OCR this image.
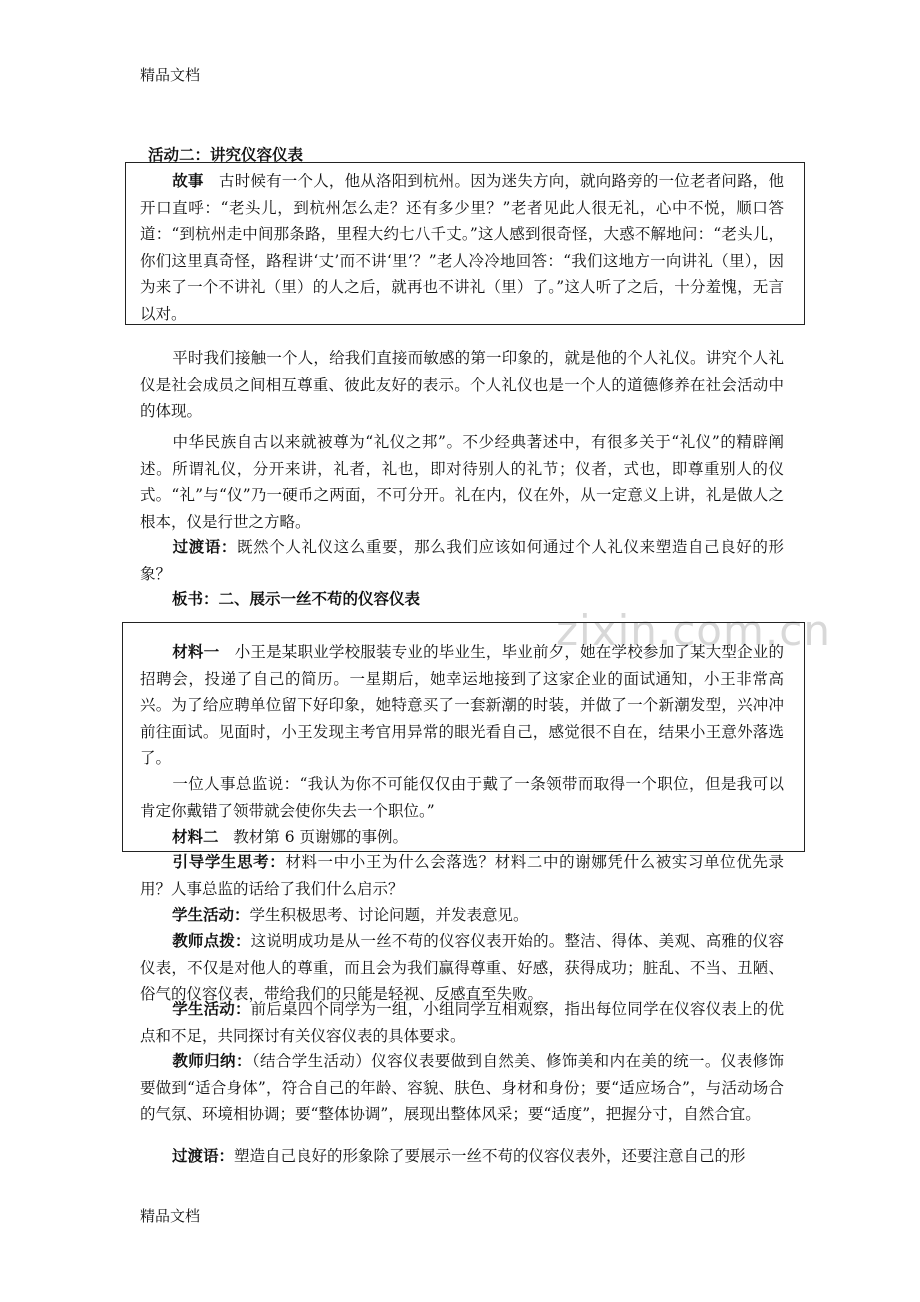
精品文档
活动二：讲究仪容仪表

故事 古时候有一个人，他从洛阳到杭州。因为迷失方向，就向路旁的一位老者问路，他开口直呼：“老头儿，到杭州怎么走？还有多少里？”老者见此人很无礼，心中不悦，顺口答道：“到杭州走中间那条路，里程大约七八千丈。”这人感到很奇怪，大惑不解地问：“老头儿，你们这里真奇怪，路程讲‘丈’而不讲‘里’？”老人冷冷地回答：“我们这地方一向讲礼（里），因为来了一个不讲礼（里）的人之后，就再也不讲礼（里）了。”这人听了之后，十分羞愧，无言以对。

平时我们接触一个人，给我们直接而敏感的第一印象的，就是他的个人礼仪。讲究个人礼仪是社会成员之间相互尊重、彼此友好的表示。个人礼仪也是一个人的道德修养在社会活动中的体现。

中华民族自古以来就被尊为“礼仪之邦”。不少经典著述中，有很多关于“礼仪”的精辟阐述。所谓礼仪，分开来讲，礼者，礼也，即对待别人的礼节；仪者，式也，即尊重别人的仪式。“礼”与“仪”乃一硬币之两面，不可分开。礼在内，仪在外，从一定意义上讲，礼是做人之根本，仪是行世之方略。

过渡语：既然个人礼仪这么重要，那么我们应该如何通过个人礼仪来塑造自己良好的形象？

板书：二、展示一丝不苟的仪容仪表

zixin.com.cn

材料一 小王是某职业学校服装专业的毕业生，毕业前夕，她在学校参加了某大型企业的招聘会，投递了自己的简历。一星期后，她幸运地接到了这家企业的面试通知，小王非常高兴。为了给应聘单位留下好印象，她特意买了一套新潮的时装，并做了一个新潮发型，兴冲冲前往面试。见面时，小王发现主考官用异常的眼光看自己，感觉很不自在，结果小王意外落选了。

一位人事总监说：“我认为你不可能仅仅由于戴了一条领带而取得一个职位，但是我可以肯定你戴错了领带就会使你失去一个职位。”

材料二 教材第 6 页谢娜的事例。

引导学生思考：材料一中小王为什么会落选？材料二中的谢娜凭什么被实习单位优先录用？人事总监的话给了我们什么启示？

学生活动：学生积极思考、讨论问题，并发表意见。

教师点拨：这说明成功是从一丝不苟的仪容仪表开始的。整洁、得体、美观、高雅的仪容仪表，不仅是对他人的尊重，而且会为我们赢得尊重、好感，获得成功；脏乱、不当、丑陋、俗气的仪容仪表，带给我们的只能是轻视、反感直至失败。

学生活动：前后桌四个同学为一组，小组同学互相观察，指出每位同学在仪容仪表上的优点和不足，共同探讨有关仪容仪表的具体要求。

教师归纳：（结合学生活动）仪容仪表要做到自然美、修饰美和内在美的统一。仪表修饰要做到“适合身体”，符合自己的年龄、容貌、肤色、身材和身份；要“适应场合”，与活动场合的气氛、环境相协调；要“整体协调”，展现出整体风采；要“适度”，把握分寸，自然合宜。

过渡语：塑造自己良好的形象除了要展示一丝不苟的仪容仪表外，还要注意自己的形

精品文档
